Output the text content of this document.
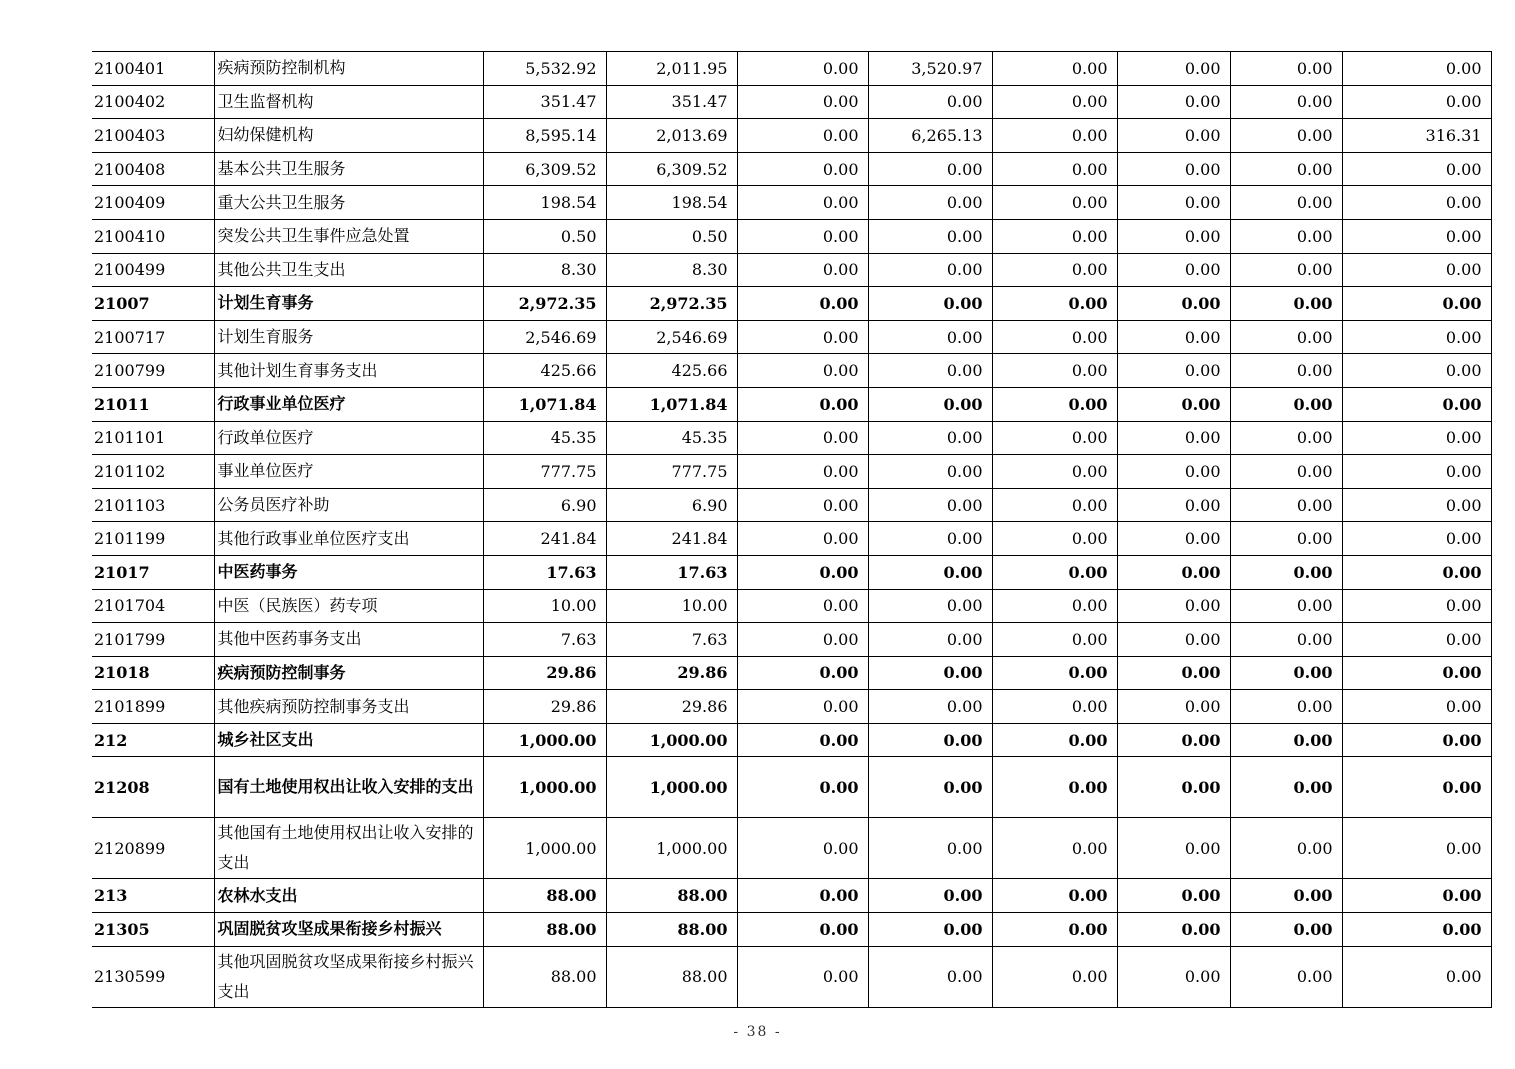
2100401	疾病预防控制机构	5,532.92	2,011.95	0.00	3,520.97	0.00	0.00	0.00	0.00
2100402	卫生监督机构	351.47	351.47	0.00	0.00	0.00	0.00	0.00	0.00
2100403	妇幼保健机构	8,595.14	2,013.69	0.00	6,265.13	0.00	0.00	0.00	316.31
2100408	基本公共卫生服务	6,309.52	6,309.52	0.00	0.00	0.00	0.00	0.00	0.00
2100409	重大公共卫生服务	198.54	198.54	0.00	0.00	0.00	0.00	0.00	0.00
2100410	突发公共卫生事件应急处置	0.50	0.50	0.00	0.00	0.00	0.00	0.00	0.00
2100499	其他公共卫生支出	8.30	8.30	0.00	0.00	0.00	0.00	0.00	0.00
21007	计划生育事务	2,972.35	2,972.35	0.00	0.00	0.00	0.00	0.00	0.00
2100717	计划生育服务	2,546.69	2,546.69	0.00	0.00	0.00	0.00	0.00	0.00
2100799	其他计划生育事务支出	425.66	425.66	0.00	0.00	0.00	0.00	0.00	0.00
21011	行政事业单位医疗	1,071.84	1,071.84	0.00	0.00	0.00	0.00	0.00	0.00
2101101	行政单位医疗	45.35	45.35	0.00	0.00	0.00	0.00	0.00	0.00
2101102	事业单位医疗	777.75	777.75	0.00	0.00	0.00	0.00	0.00	0.00
2101103	公务员医疗补助	6.90	6.90	0.00	0.00	0.00	0.00	0.00	0.00
2101199	其他行政事业单位医疗支出	241.84	241.84	0.00	0.00	0.00	0.00	0.00	0.00
21017	中医药事务	17.63	17.63	0.00	0.00	0.00	0.00	0.00	0.00
2101704	中医（民族医）药专项	10.00	10.00	0.00	0.00	0.00	0.00	0.00	0.00
2101799	其他中医药事务支出	7.63	7.63	0.00	0.00	0.00	0.00	0.00	0.00
21018	疾病预防控制事务	29.86	29.86	0.00	0.00	0.00	0.00	0.00	0.00
2101899	其他疾病预防控制事务支出	29.86	29.86	0.00	0.00	0.00	0.00	0.00	0.00
212	城乡社区支出	1,000.00	1,000.00	0.00	0.00	0.00	0.00	0.00	0.00
21208	国有土地使用权出让收入安排的支出	1,000.00	1,000.00	0.00	0.00	0.00	0.00	0.00	0.00
2120899	其他国有土地使用权出让收入安排的支出	1,000.00	1,000.00	0.00	0.00	0.00	0.00	0.00	0.00
213	农林水支出	88.00	88.00	0.00	0.00	0.00	0.00	0.00	0.00
21305	巩固脱贫攻坚成果衔接乡村振兴	88.00	88.00	0.00	0.00	0.00	0.00	0.00	0.00
2130599	其他巩固脱贫攻坚成果衔接乡村振兴支出	88.00	88.00	0.00	0.00	0.00	0.00	0.00	0.00
- 38 -
